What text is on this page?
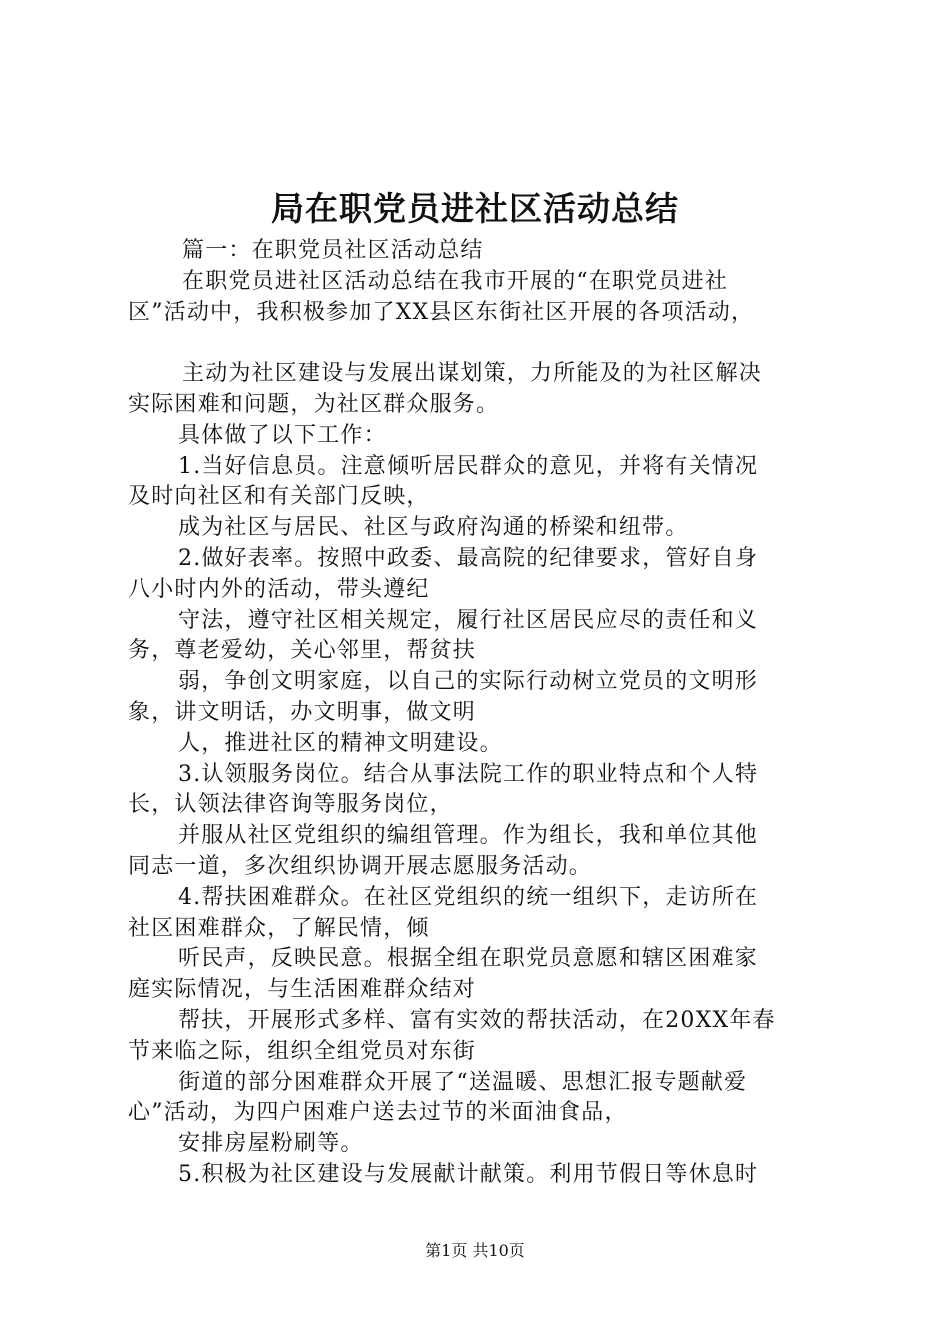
局在职党员进社区活动总结
篇一：在职党员社区活动总结
在职党员进社区活动总结在我市开展的“在职党员进社
区”活动中，我积极参加了XX县区东街社区开展的各项活动，
主动为社区建设与发展出谋划策，力所能及的为社区解决
实际困难和问题，为社区群众服务。
具体做了以下工作：
1.当好信息员。注意倾听居民群众的意见，并将有关情况
及时向社区和有关部门反映，
成为社区与居民、社区与政府沟通的桥梁和纽带。
2.做好表率。按照中政委、最高院的纪律要求，管好自身
八小时内外的活动，带头遵纪
守法，遵守社区相关规定，履行社区居民应尽的责任和义
务，尊老爱幼，关心邻里，帮贫扶
弱，争创文明家庭，以自己的实际行动树立党员的文明形
象，讲文明话，办文明事，做文明
人，推进社区的精神文明建设。
3.认领服务岗位。结合从事法院工作的职业特点和个人特
长，认领法律咨询等服务岗位，
并服从社区党组织的编组管理。作为组长，我和单位其他
同志一道，多次组织协调开展志愿服务活动。
4.帮扶困难群众。在社区党组织的统一组织下，走访所在
社区困难群众，了解民情，倾
听民声，反映民意。根据全组在职党员意愿和辖区困难家
庭实际情况，与生活困难群众结对
帮扶，开展形式多样、富有实效的帮扶活动，在20XX年春
节来临之际，组织全组党员对东街
街道的部分困难群众开展了“送温暖、思想汇报专题献爱
心”活动，为四户困难户送去过节的米面油食品，
安排房屋粉刷等。
5.积极为社区建设与发展献计献策。利用节假日等休息时
第1页 共10页
